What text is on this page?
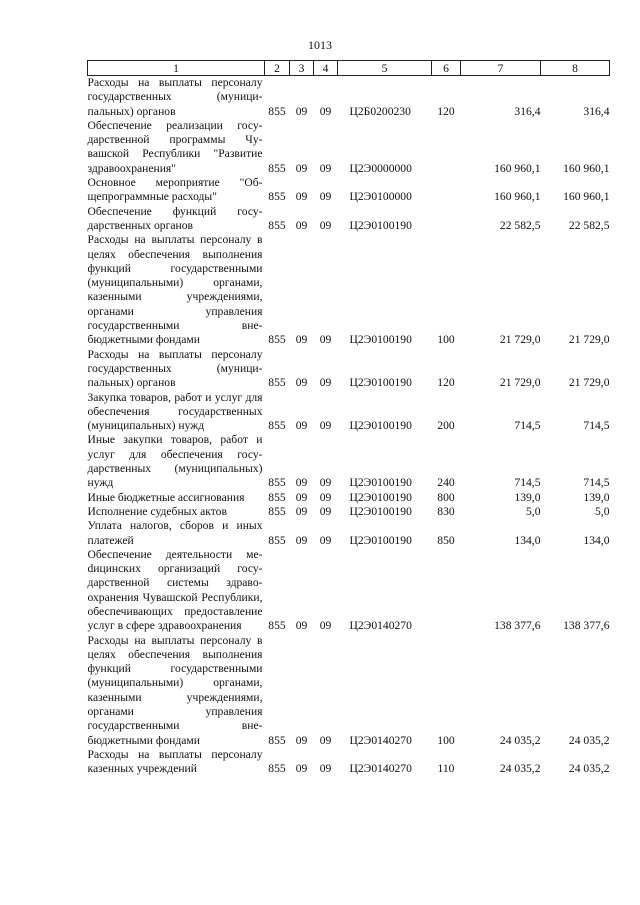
1013
1	2	3	4	5	6	7	8
Расходы на выплаты персоналу государственных (муниципальных) органов	855	09	09	Ц2Б0200230	120	316,4	316,4
Обеспечение реализации государственной программы Чувашской Республики "Развитие здравоохранения"	855	09	09	Ц2Э0000000		160 960,1	160 960,1
Основное мероприятие "Общепрограммные расходы"	855	09	09	Ц2Э0100000		160 960,1	160 960,1
Обеспечение функций государственных органов	855	09	09	Ц2Э0100190		22 582,5	22 582,5
Расходы на выплаты персоналу в целях обеспечения выполнения функций государственными (муниципальными) органами, казенными учреждениями, органами управления государственными внебюджетными фондами	855	09	09	Ц2Э0100190	100	21 729,0	21 729,0
Расходы на выплаты персоналу государственных (муниципальных) органов	855	09	09	Ц2Э0100190	120	21 729,0	21 729,0
Закупка товаров, работ и услуг для обеспечения государственных (муниципальных) нужд	855	09	09	Ц2Э0100190	200	714,5	714,5
Иные закупки товаров, работ и услуг для обеспечения государственных (муниципальных) нужд	855	09	09	Ц2Э0100190	240	714,5	714,5
Иные бюджетные ассигнования	855	09	09	Ц2Э0100190	800	139,0	139,0
Исполнение судебных актов	855	09	09	Ц2Э0100190	830	5,0	5,0
Уплата налогов, сборов и иных платежей	855	09	09	Ц2Э0100190	850	134,0	134,0
Обеспечение деятельности меdицинских организаций государственной системы здравоохранения Чувашской Республики, обеспечивающих предоставление услуг в сфере здравоохранения	855	09	09	Ц2Э0140270		138 377,6	138 377,6
Расходы на выплаты персоналу в целях обеспечения выполнения функций государственными (муниципальными) органами, казенными учреждениями, органами управления государственными внебюджетными фондами	855	09	09	Ц2Э0140270	100	24 035,2	24 035,2
Расходы на выплаты персоналу казенных учреждений	855	09	09	Ц2Э0140270	110	24 035,2	24 035,2
